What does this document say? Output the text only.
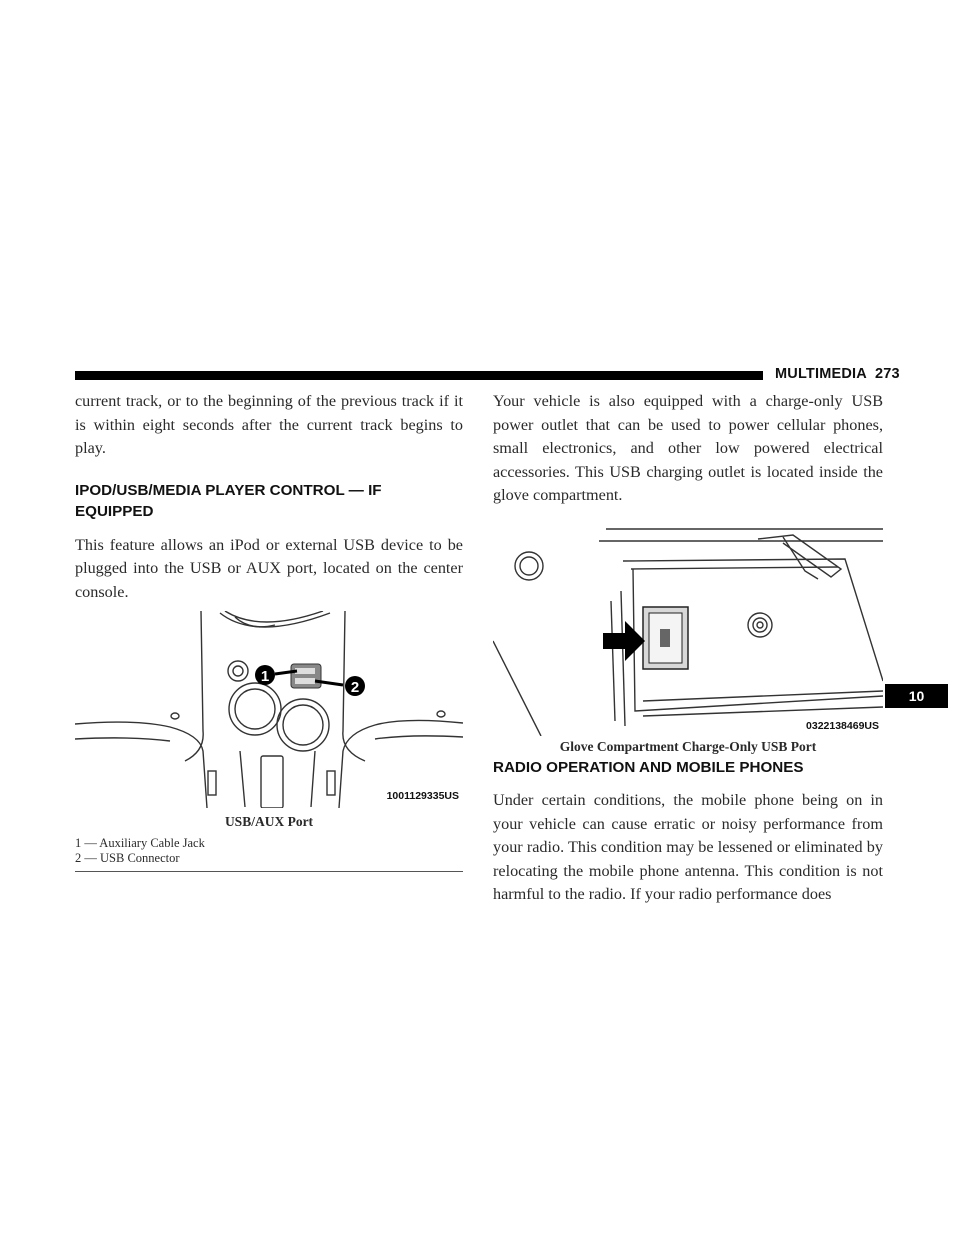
MULTIMEDIA 273

current track, or to the beginning of the previous track if it is within eight seconds after the current track begins to play.

IPOD/USB/MEDIA PLAYER CONTROL — IF EQUIPPED

This feature allows an iPod or external USB device to be plugged into the USB or AUX port, located on the center console.

1
2
1001129335US
USB/AUX Port
1 — Auxiliary Cable Jack
2 — USB Connector

Your vehicle is also equipped with a charge-only USB power outlet that can be used to power cellular phones, small electronics, and other low powered electrical accessories. This USB charging outlet is located inside the glove compartment.

0322138469US
Glove Compartment Charge-Only USB Port
RADIO OPERATION AND MOBILE PHONES

Under certain conditions, the mobile phone being on in your vehicle can cause erratic or noisy performance from your radio. This condition may be lessened or eliminated by relocating the mobile phone antenna. This condition is not harmful to the radio. If your radio performance does

10
